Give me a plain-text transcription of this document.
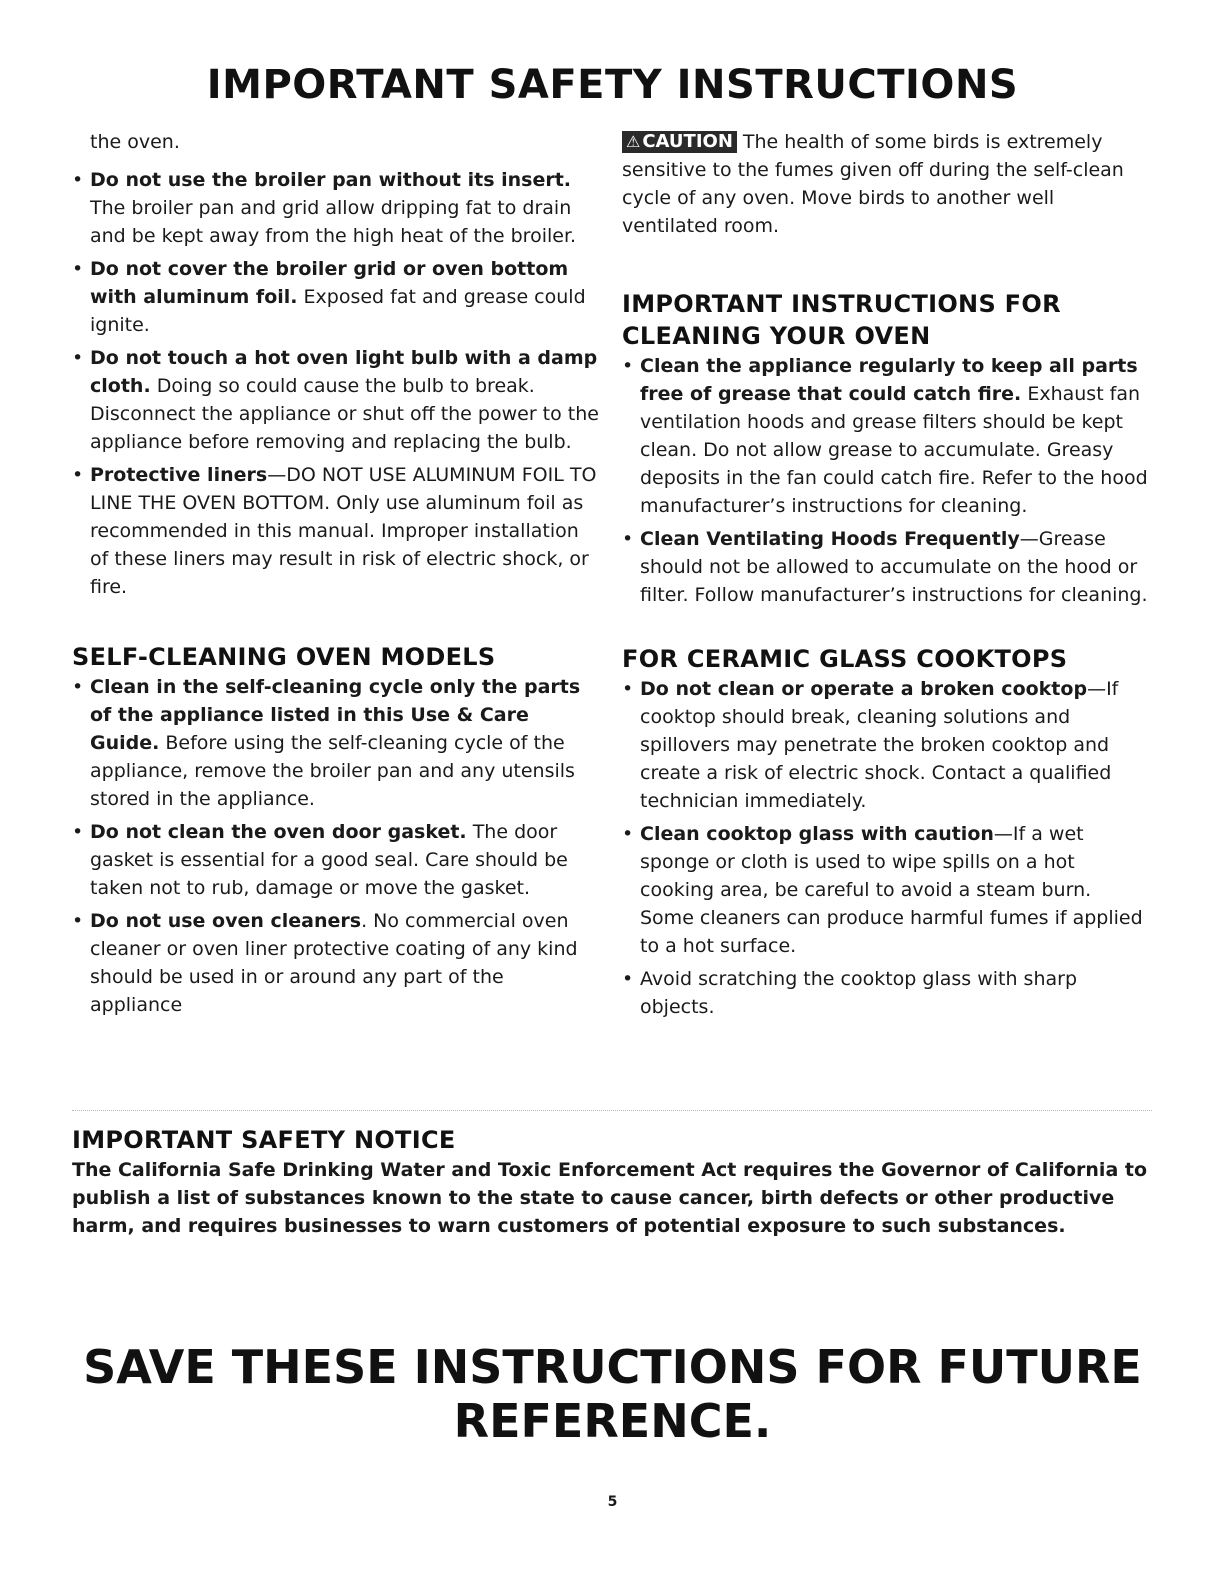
IMPORTANT SAFETY INSTRUCTIONS

the oven.

• Do not use the broiler pan without its insert. The broiler pan and grid allow dripping fat to drain and be kept away from the high heat of the broiler.
• Do not cover the broiler grid or oven bottom with aluminum foil. Exposed fat and grease could ignite.
• Do not touch a hot oven light bulb with a damp cloth. Doing so could cause the bulb to break. Disconnect the appliance or shut off the power to the appliance before removing and replacing the bulb.
• Protective liners—DO NOT USE ALUMINUM FOIL TO LINE THE OVEN BOTTOM. Only use aluminum foil as recommended in this manual. Improper installation of these liners may result in risk of electric shock, or fire.
SELF-CLEANING OVEN MODELS
• Clean in the self-cleaning cycle only the parts of the appliance listed in this Use & Care Guide. Before using the self-cleaning cycle of the appliance, remove the broiler pan and any utensils stored in the appliance.
• Do not clean the oven door gasket. The door gasket is essential for a good seal. Care should be taken not to rub, damage or move the gasket.
• Do not use oven cleaners. No commercial oven cleaner or oven liner protective coating of any kind should be used in or around any part of the appliance

⚠ CAUTION The health of some birds is extremely sensitive to the fumes given off during the self-clean cycle of any oven. Move birds to another well ventilated room.

IMPORTANT INSTRUCTIONS FOR
CLEANING YOUR OVEN
• Clean the appliance regularly to keep all parts free of grease that could catch fire. Exhaust fan ventilation hoods and grease filters should be kept clean. Do not allow grease to accumulate. Greasy deposits in the fan could catch fire. Refer to the hood manufacturer’s instructions for cleaning.
• Clean Ventilating Hoods Frequently—Grease should not be allowed to accumulate on the hood or filter. Follow manufacturer’s instructions for cleaning.
FOR CERAMIC GLASS COOKTOPS
• Do not clean or operate a broken cooktop—If cooktop should break, cleaning solutions and spillovers may penetrate the broken cooktop and create a risk of electric shock. Contact a qualified technician immediately.
• Clean cooktop glass with caution—If a wet sponge or cloth is used to wipe spills on a hot cooking area, be careful to avoid a steam burn. Some cleaners can produce harmful fumes if applied to a hot surface.
• Avoid scratching the cooktop glass with sharp objects.
IMPORTANT SAFETY NOTICE

The California Safe Drinking Water and Toxic Enforcement Act requires the Governor of California to publish a list of substances known to the state to cause cancer, birth defects or other productive harm, and requires businesses to warn customers of potential exposure to such substances.

SAVE THESE INSTRUCTIONS FOR FUTURE REFERENCE.
5
